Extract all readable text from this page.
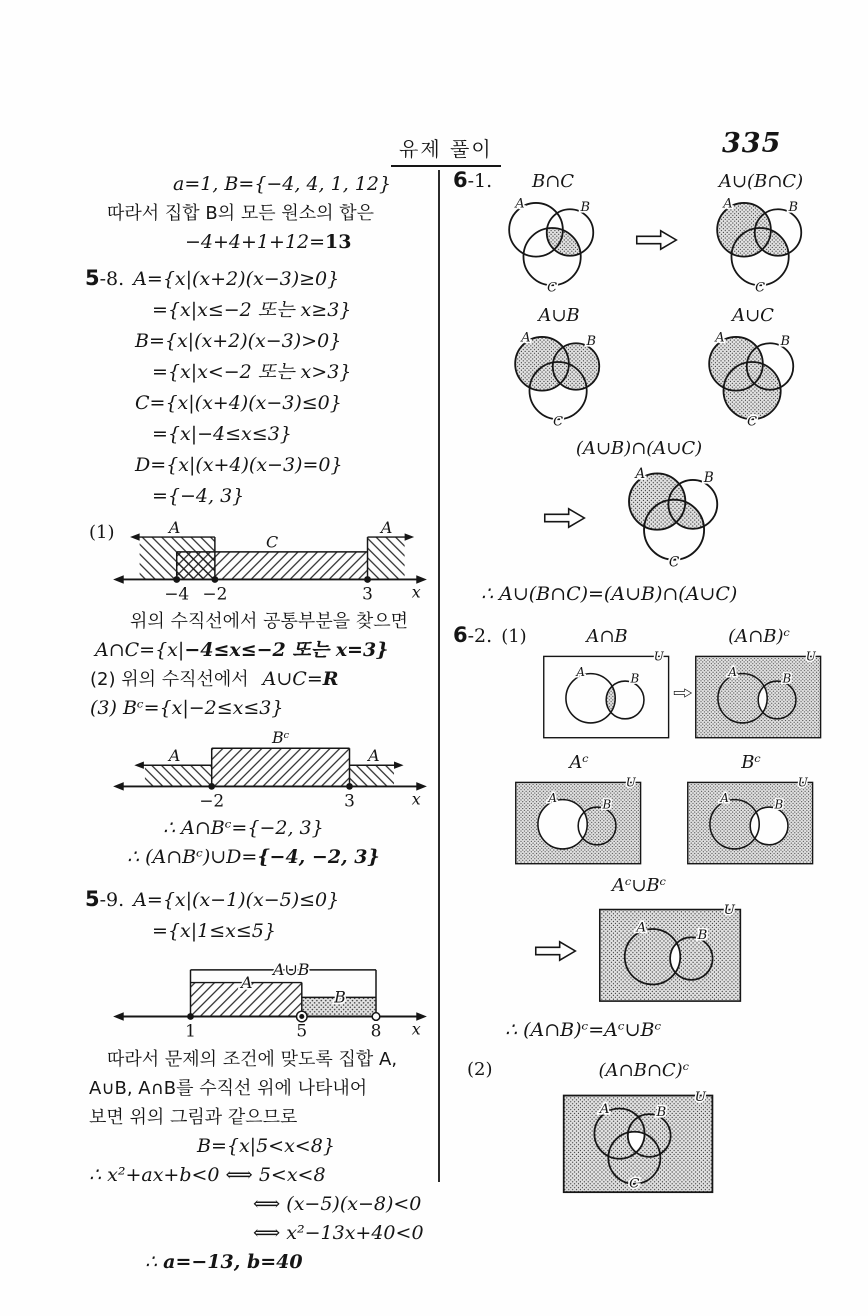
유제 풀이	335
a=1, B={−4, 4, 1, 12}
따라서 집합 B의 모든 원소의 합은
−4+4+1+12=13
5-8. A={x|(x+2)(x−3)≥0}
={x|x≤−2 또는 x≥3}
B={x|(x+2)(x−3)>0}
={x|x<−2 또는 x>3}
C={x|(x+4)(x−3)≤0}
={x|−4≤x≤3}
D={x|(x+4)(x−3)=0}
={−4, 3}
(1)	A
C
A
−4 −2	3	x
위의 수직선에서 공통부분을 찾으면
A∩C={x|−4≤x≤−2 또는 x=3}
(2) 위의 수직선에서 A∪C=R
(3) Bᶜ={x|−2≤x≤3}
A
Bᶜ
A
−2	3	x
∴ A∩Bᶜ={−2, 3}
∴ (A∩Bᶜ)∪D={−4, −2, 3}
5-9. A={x|(x−1)(x−5)≤0}
={x|1≤x≤5}
A∪B
A
B
1	5	8 x
따라서 문제의 조건에 맞도록 집합 A,
A∪B, A∩B를 수직선 위에 나타내어
보면 위의 그림과 같으므로
B={x|5<x<8}
∴ x²+ax+b<0 ⟺ 5<x<8
⟺ (x−5)(x−8)<0
⟺ x²−13x+40<0
∴ a=−13, b=40
6-1.	B∩C
A	B
C
A∪(B∩C)
A	B
C
A∪B
A	B
C
A∪C
A	B
C
(A∪B)∩(A∪C)
A	B
C
∴ A∪(B∩C)=(A∪B)∩(A∪C)
6-2. (1)	A∩B
A	B
U
(A∩B)ᶜ
A	B
U
Aᶜ
A	B
U
Bᶜ
A	B
U
Aᶜ∪Bᶜ
A	B
U
∴ (A∩B)ᶜ=Aᶜ∪Bᶜ
(2)	(A∩B∩C)ᶜ
A	B
C
U
